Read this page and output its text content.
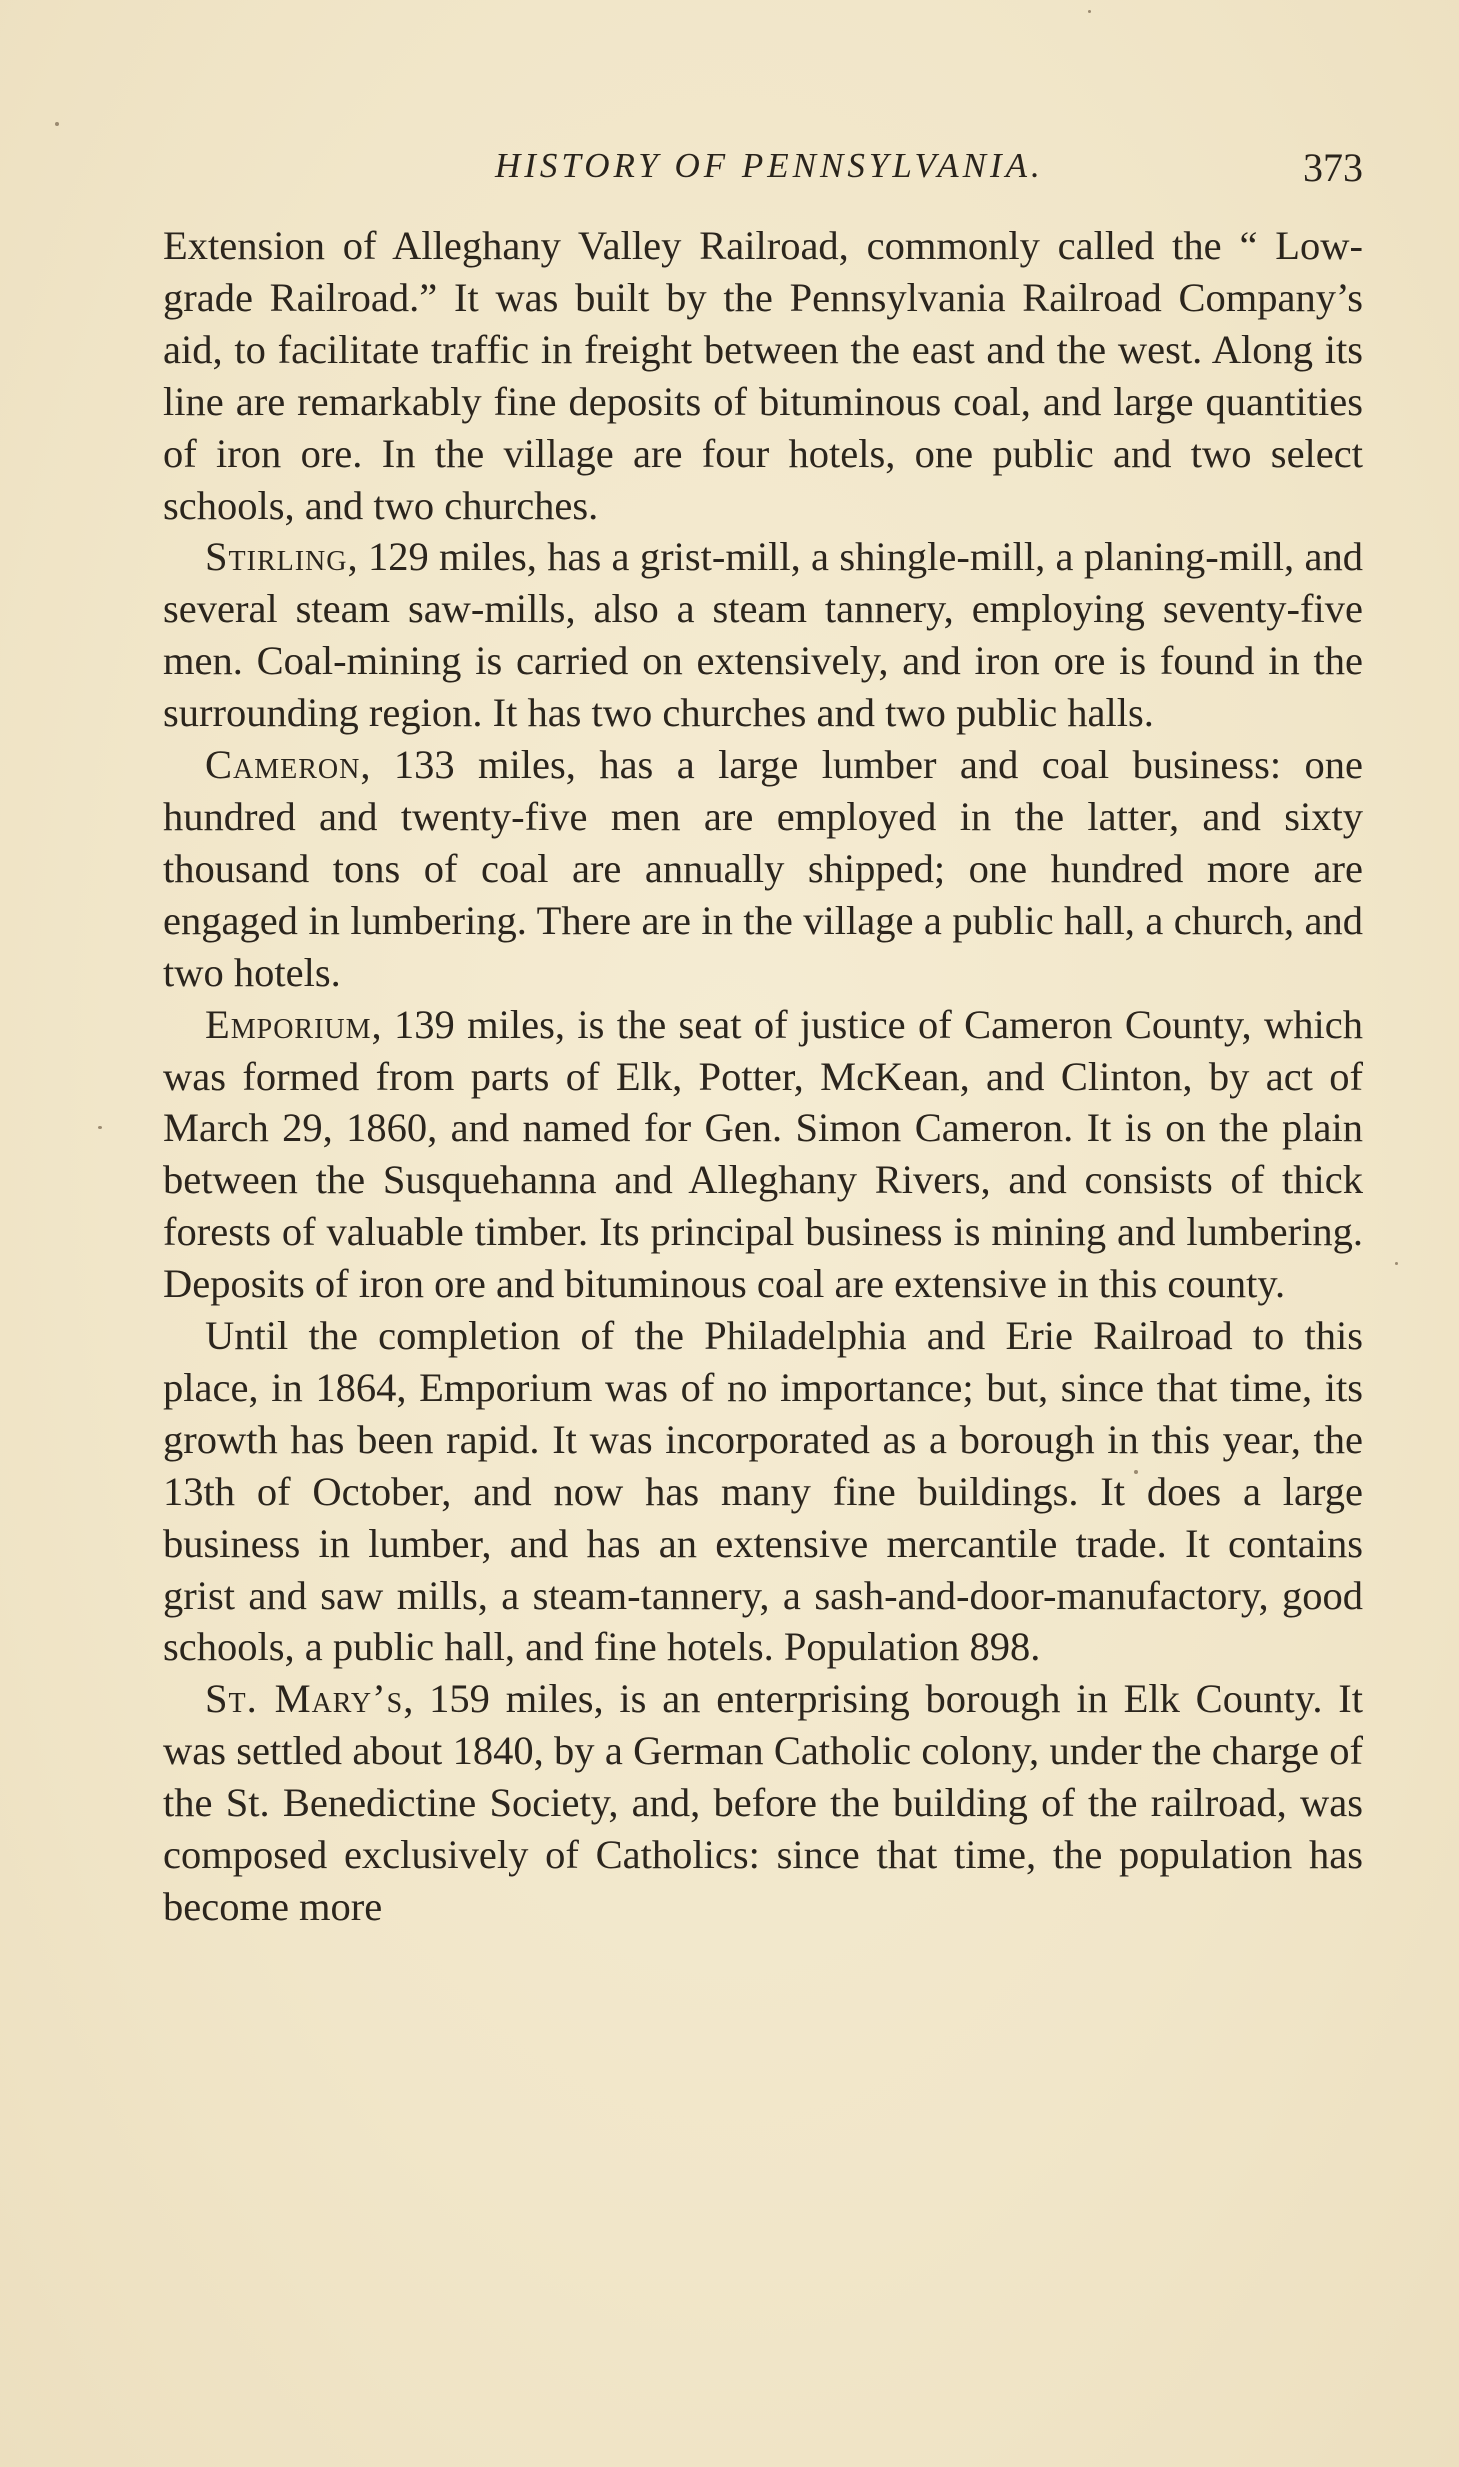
HISTORY OF PENNSYLVANIA.	373

Extension of Alleghany Valley Railroad, commonly called the “ Low-grade Railroad.” It was built by the Pennsylvania Railroad Company’s aid, to facilitate traffic in freight between the east and the west. Along its line are remarkably fine deposits of bituminous coal, and large quantities of iron ore. In the village are four hotels, one public and two select schools, and two churches.

Stirling, 129 miles, has a grist-mill, a shingle-mill, a planing-mill, and several steam saw-mills, also a steam tannery, employing seventy-five men. Coal-mining is carried on extensively, and iron ore is found in the surrounding region. It has two churches and two public halls.

Cameron, 133 miles, has a large lumber and coal business: one hundred and twenty-five men are employed in the latter, and sixty thousand tons of coal are annually shipped; one hundred more are engaged in lumbering. There are in the village a public hall, a church, and two hotels.

Emporium, 139 miles, is the seat of justice of Cameron County, which was formed from parts of Elk, Potter, McKean, and Clinton, by act of March 29, 1860, and named for Gen. Simon Cameron. It is on the plain between the Susquehanna and Alleghany Rivers, and consists of thick forests of valuable timber. Its principal business is mining and lumbering. Deposits of iron ore and bituminous coal are extensive in this county.

Until the completion of the Philadelphia and Erie Railroad to this place, in 1864, Emporium was of no importance; but, since that time, its growth has been rapid. It was incorporated as a borough in this year, the 13th of October, and now has many fine buildings. It does a large business in lumber, and has an extensive mercantile trade. It contains grist and saw mills, a steam-tannery, a sash-and-door-manufactory, good schools, a public hall, and fine hotels. Population 898.

St. Mary’s, 159 miles, is an enterprising borough in Elk County. It was settled about 1840, by a German Catholic colony, under the charge of the St. Benedictine Society, and, before the building of the railroad, was composed exclusively of Catholics: since that time, the population has become more
